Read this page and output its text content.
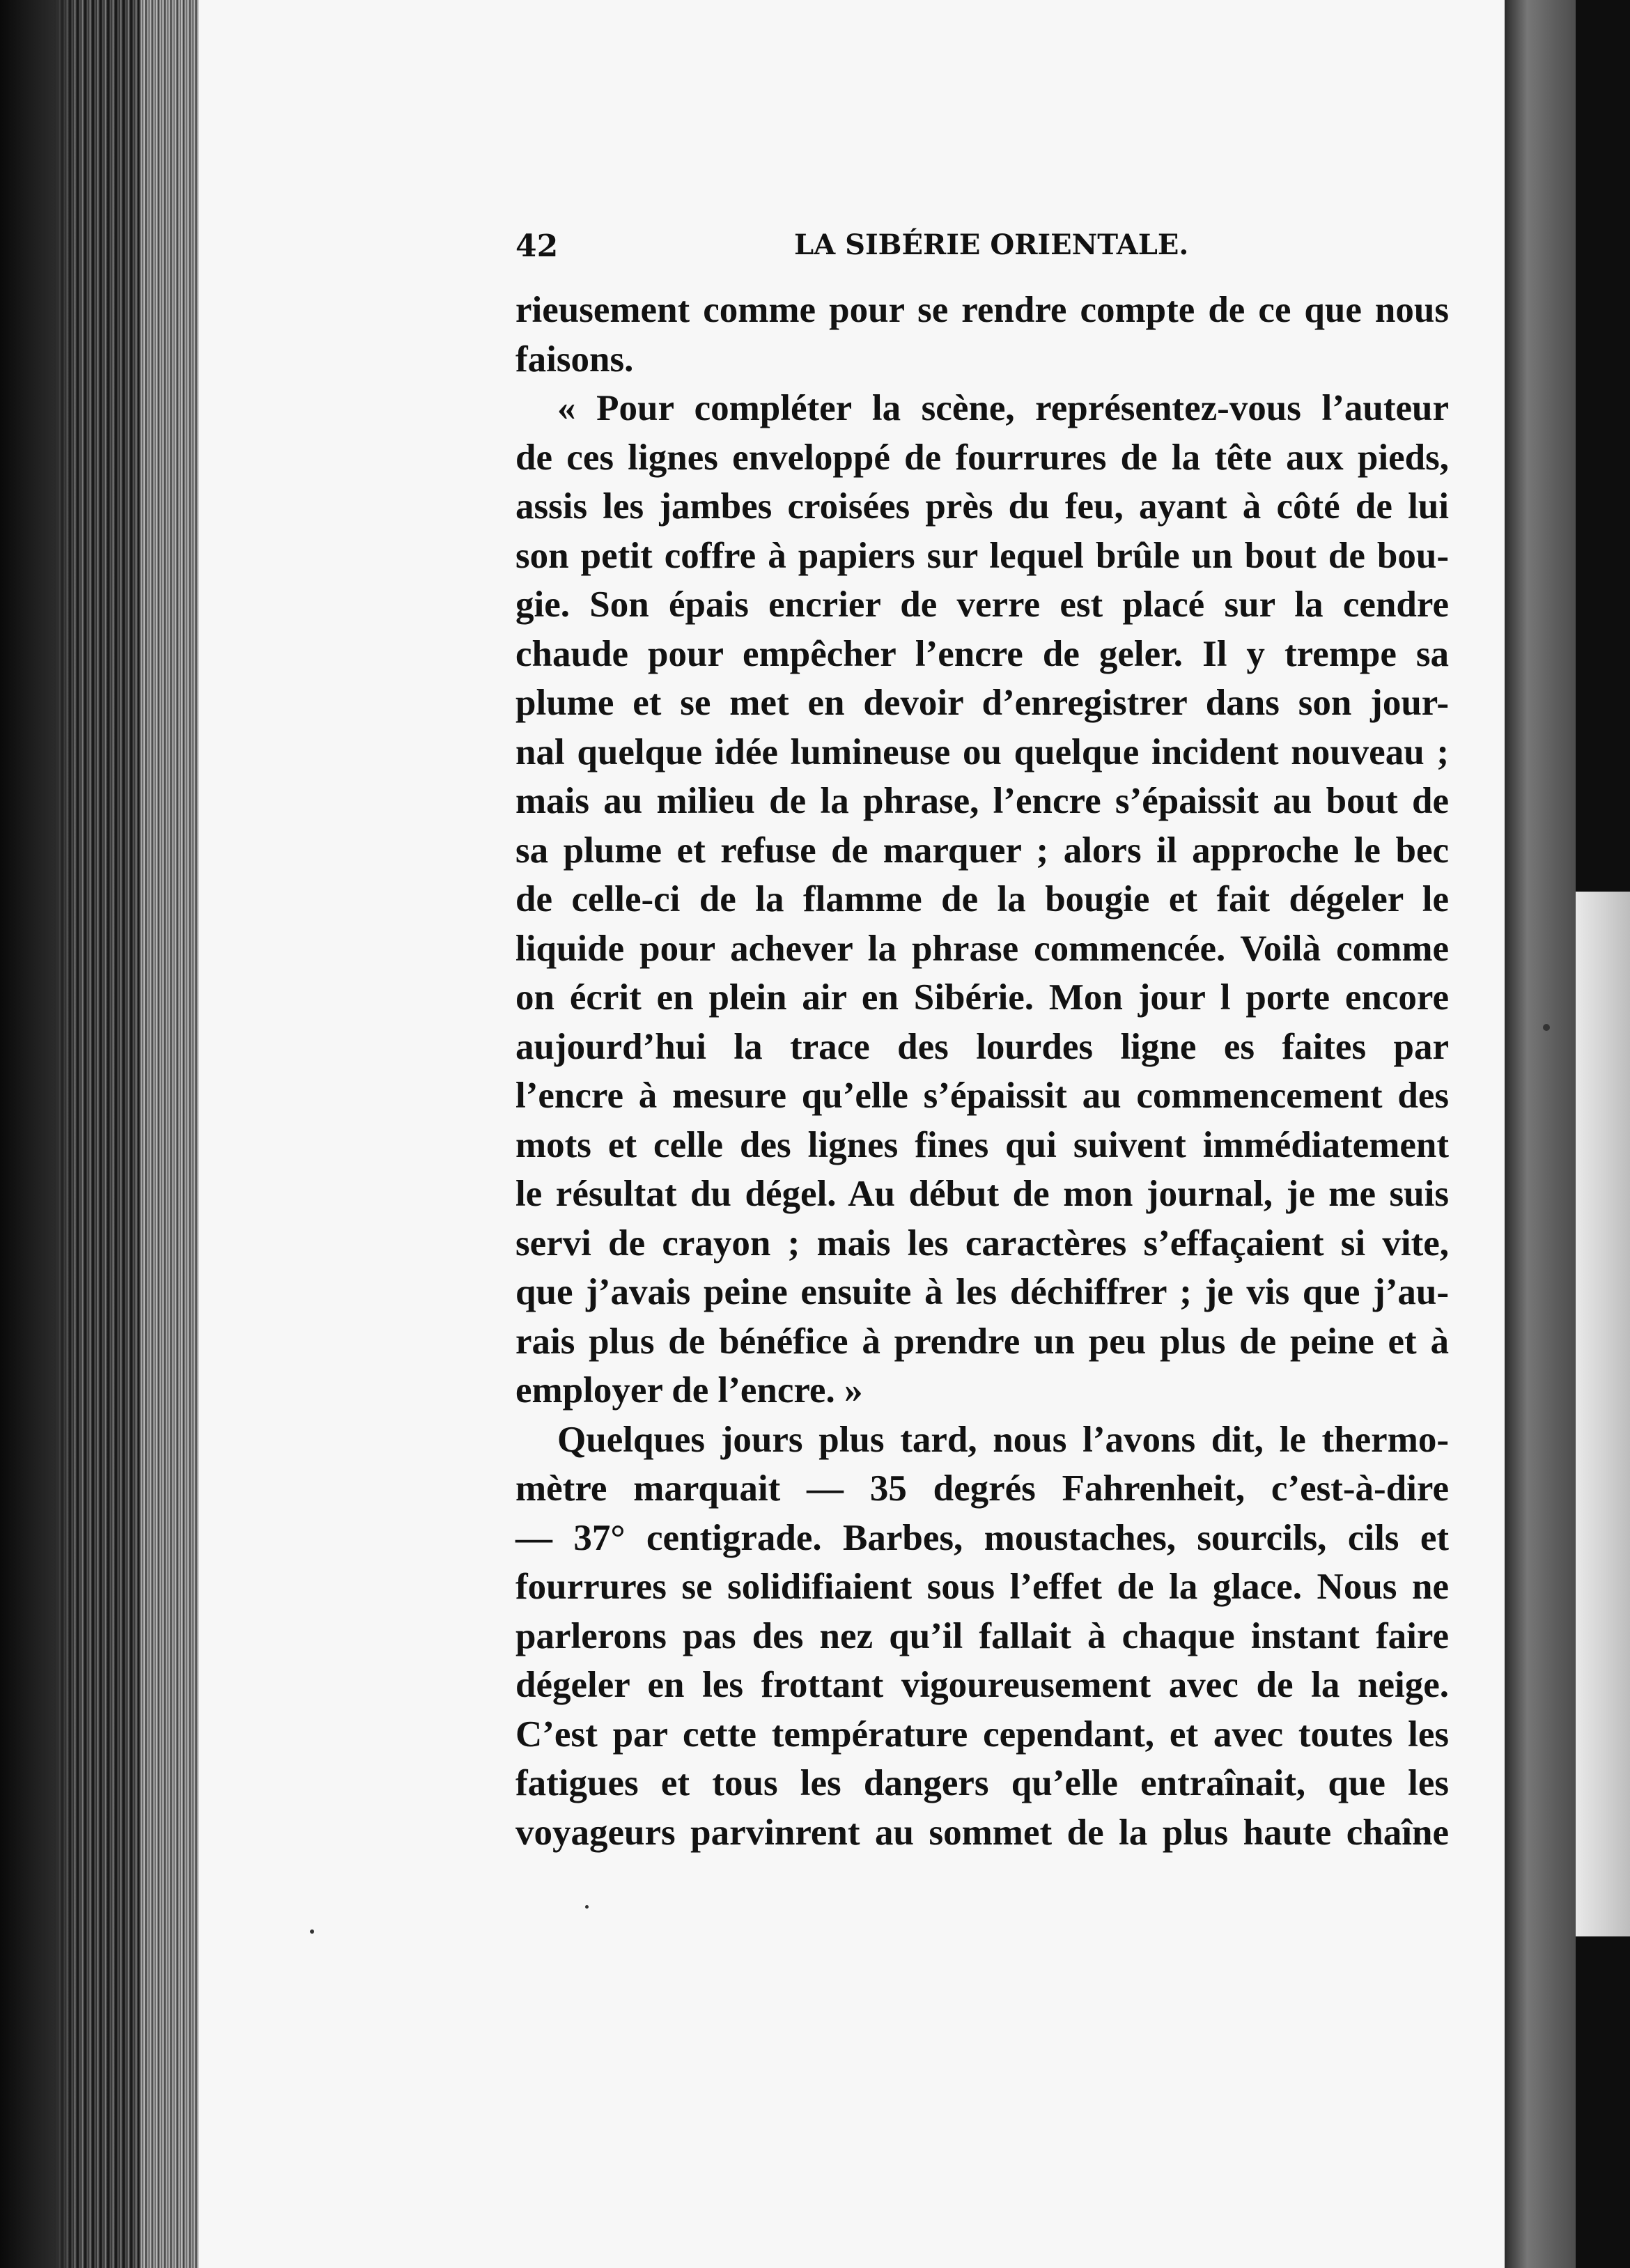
42	LA SIBÉRIE ORIENTALE.
rieusement comme pour se rendre compte de ce que nous
faisons.
« Pour compléter la scène, représentez-vous l’auteur
de ces lignes enveloppé de fourrures de la tête aux pieds,
assis les jambes croisées près du feu, ayant à côté de lui
son petit coffre à papiers sur lequel brûle un bout de bou-
gie. Son épais encrier de verre est placé sur la cendre
chaude pour empêcher l’encre de geler. Il y trempe sa
plume et se met en devoir d’enregistrer dans son jour-
nal quelque idée lumineuse ou quelque incident nouveau ;
mais au milieu de la phrase, l’encre s’épaissit au bout de
sa plume et refuse de marquer ; alors il approche le bec
de celle-ci de la flamme de la bougie et fait dégeler le
liquide pour achever la phrase commencée. Voilà comme
on écrit en plein air en Sibérie. Mon jour l porte encore
aujourd’hui la trace des lourdes ligne es faites par
l’encre à mesure qu’elle s’épaissit au commencement des
mots et celle des lignes fines qui suivent immédiatement
le résultat du dégel. Au début de mon journal, je me suis
servi de crayon ; mais les caractères s’effaçaient si vite,
que j’avais peine ensuite à les déchiffrer ; je vis que j’au-
rais plus de bénéfice à prendre un peu plus de peine et à
employer de l’encre. »
Quelques jours plus tard, nous l’avons dit, le thermo-
mètre marquait — 35 degrés Fahrenheit, c’est-à-dire
— 37° centigrade. Barbes, moustaches, sourcils, cils et
fourrures se solidifiaient sous l’effet de la glace. Nous ne
parlerons pas des nez qu’il fallait à chaque instant faire
dégeler en les frottant vigoureusement avec de la neige.
C’est par cette température cependant, et avec toutes les
fatigues et tous les dangers qu’elle entraînait, que les
voyageurs parvinrent au sommet de la plus haute chaîne
